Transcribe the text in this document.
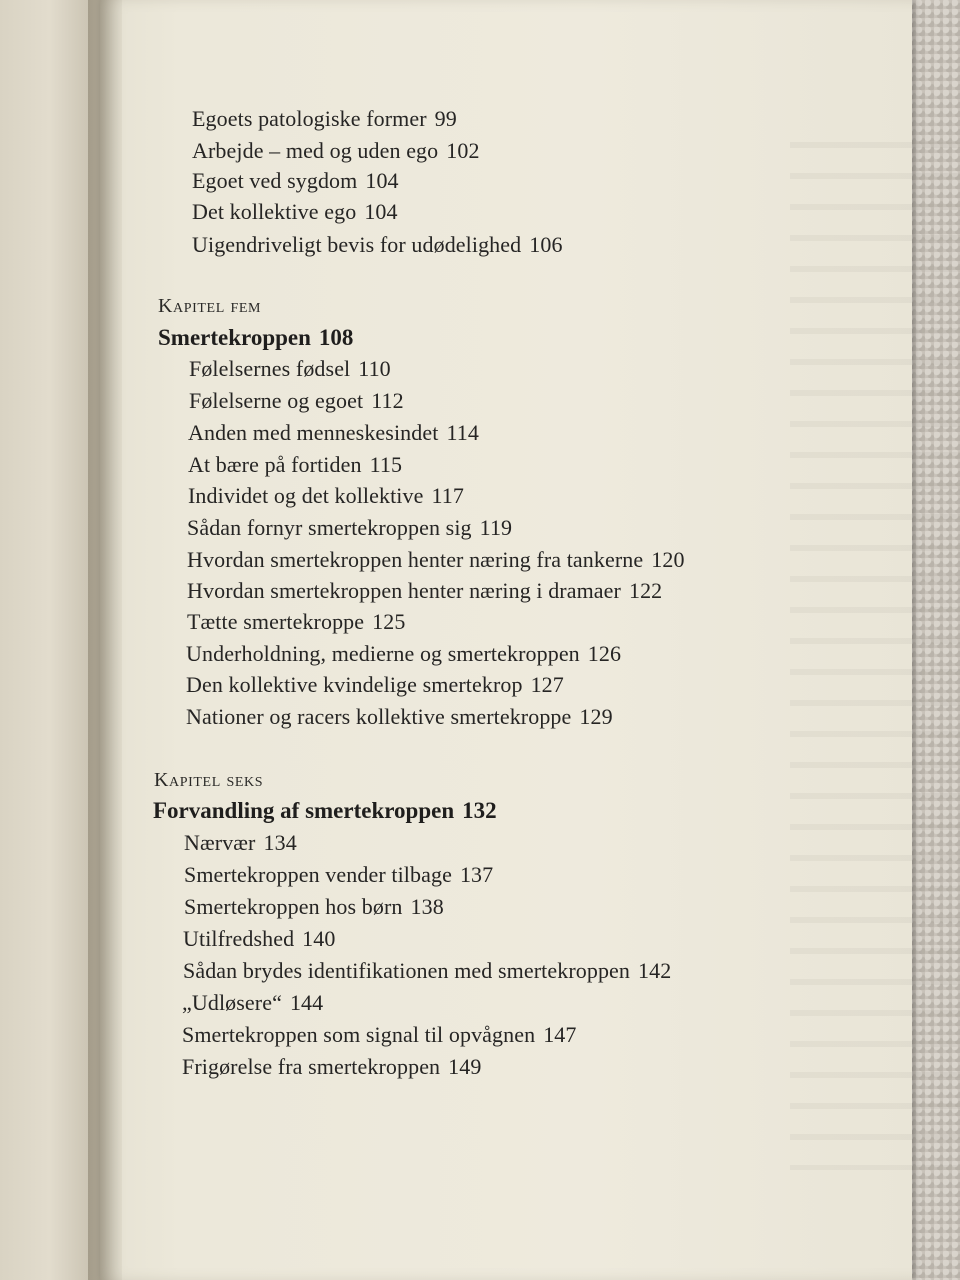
Egoets patologiske former 99
Arbejde – med og uden ego 102
Egoet ved sygdom 104
Det kollektive ego 104
Uigendriveligt bevis for udødelighed 106
Kapitel fem
Smertekroppen 108
Følelsernes fødsel 110
Følelserne og egoet 112
Anden med menneskesindet 114
At bære på fortiden 115
Individet og det kollektive 117
Sådan fornyr smertekroppen sig 119
Hvordan smertekroppen henter næring fra tankerne 120
Hvordan smertekroppen henter næring i dramaer 122
Tætte smertekroppe 125
Underholdning, medierne og smertekroppen 126
Den kollektive kvindelige smertekrop 127
Nationer og racers kollektive smertekroppe 129
Kapitel seks
Forvandling af smertekroppen 132
Nærvær 134
Smertekroppen vender tilbage 137
Smertekroppen hos børn 138
Utilfredshed 140
Sådan brydes identifikationen med smertekroppen 142
„Udløsere“ 144
Smertekroppen som signal til opvågnen 147
Frigørelse fra smertekroppen 149
